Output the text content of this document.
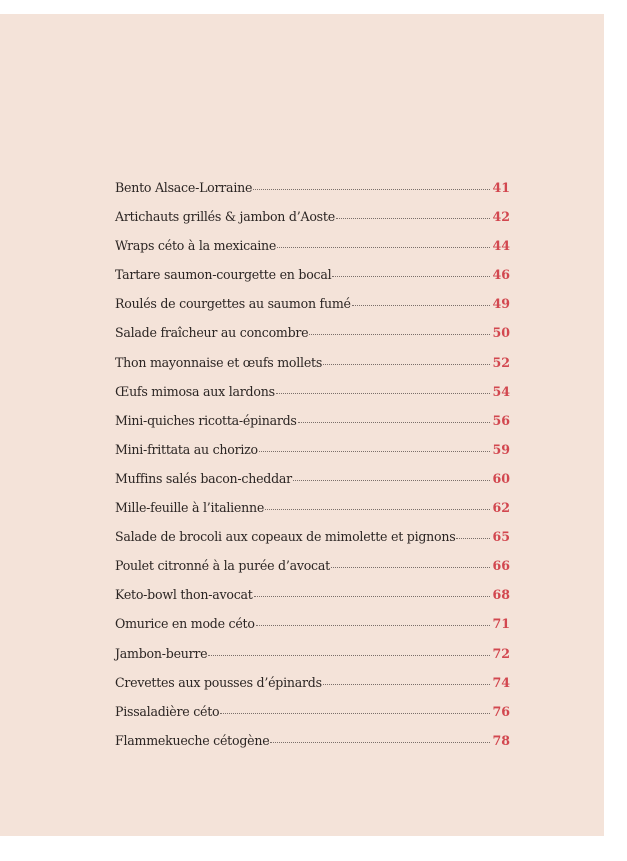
Bento Alsace-Lorraine	41
Artichauts grillés & jambon d’Aoste	42
Wraps céto à la mexicaine	44
Tartare saumon-courgette en bocal	46
Roulés de courgettes au saumon fumé	49
Salade fraîcheur au concombre	50
Thon mayonnaise et œufs mollets	52
Œufs mimosa aux lardons	54
Mini-quiches ricotta-épinards	56
Mini-frittata au chorizo	59
Muffins salés bacon-cheddar	60
Mille-feuille à l’italienne	62
Salade de brocoli aux copeaux de mimolette et pignons	65
Poulet citronné à la purée d’avocat	66
Keto-bowl thon-avocat	68
Omurice en mode céto	71
Jambon-beurre	72
Crevettes aux pousses d’épinards	74
Pissaladière céto	76
Flammekueche cétogène	78
